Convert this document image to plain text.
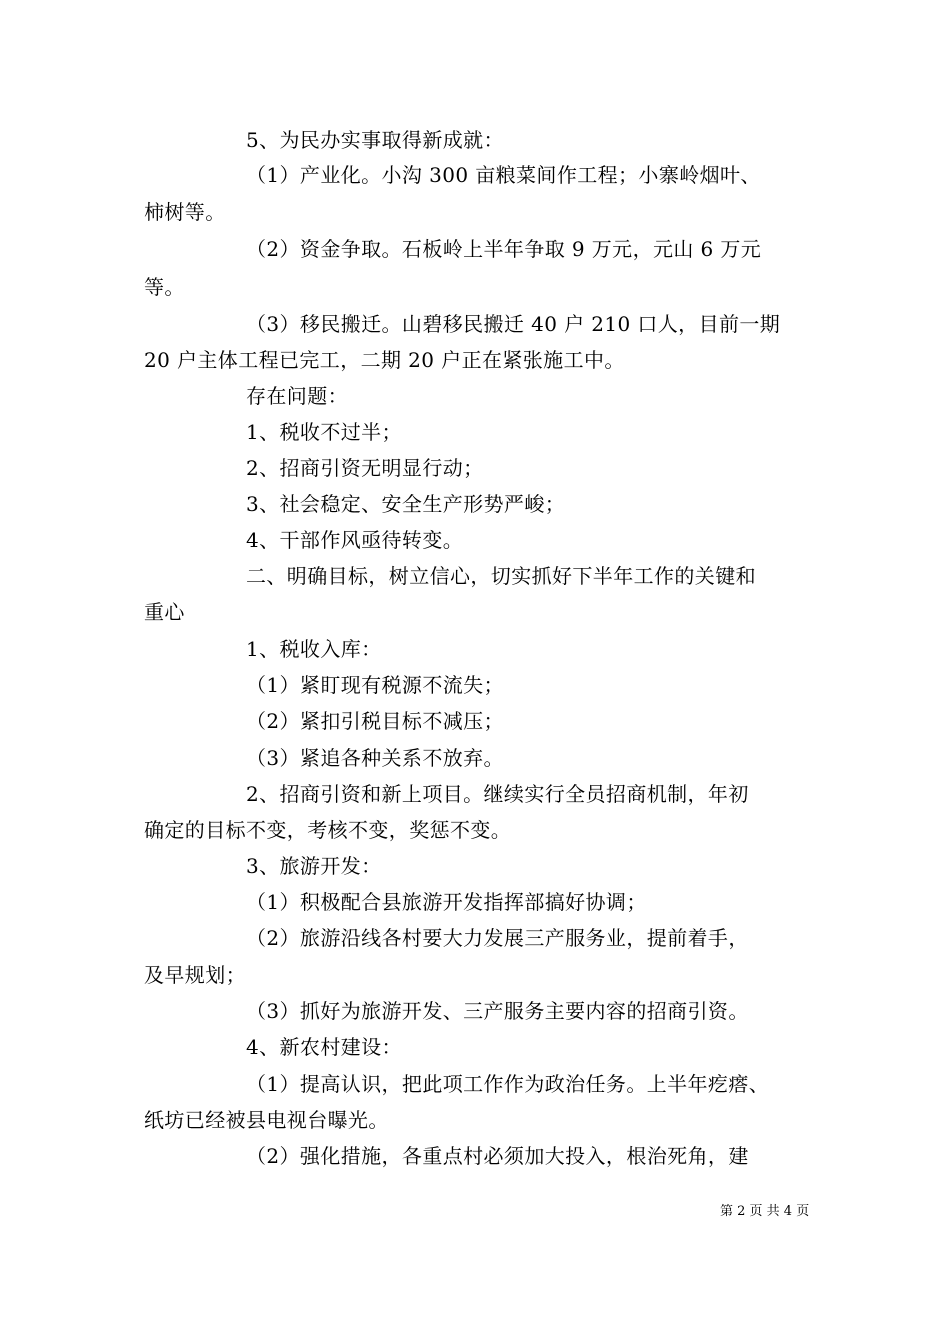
5、为民办实事取得新成就：
（1）产业化。小沟 300 亩粮菜间作工程；小寨岭烟叶、
柿树等。
（2）资金争取。石板岭上半年争取 9 万元，元山 6 万元
等。
（3）移民搬迁。山碧移民搬迁 40 户 210 口人，目前一期
20 户主体工程已完工，二期 20 户正在紧张施工中。
存在问题：
1、税收不过半；
2、招商引资无明显行动；
3、社会稳定、安全生产形势严峻；
4、干部作风亟待转变。
二、明确目标，树立信心，切实抓好下半年工作的关键和
重心
1、税收入库：
（1）紧盯现有税源不流失；
（2）紧扣引税目标不减压；
（3）紧追各种关系不放弃。
2、招商引资和新上项目。继续实行全员招商机制，年初
确定的目标不变，考核不变，奖惩不变。
3、旅游开发：
（1）积极配合县旅游开发指挥部搞好协调；
（2）旅游沿线各村要大力发展三产服务业，提前着手，
及早规划；
（3）抓好为旅游开发、三产服务主要内容的招商引资。
4、新农村建设：
（1）提高认识，把此项工作作为政治任务。上半年疙瘩、
纸坊已经被县电视台曝光。
（2）强化措施，各重点村必须加大投入，根治死角，建
第 2 页 共 4 页
